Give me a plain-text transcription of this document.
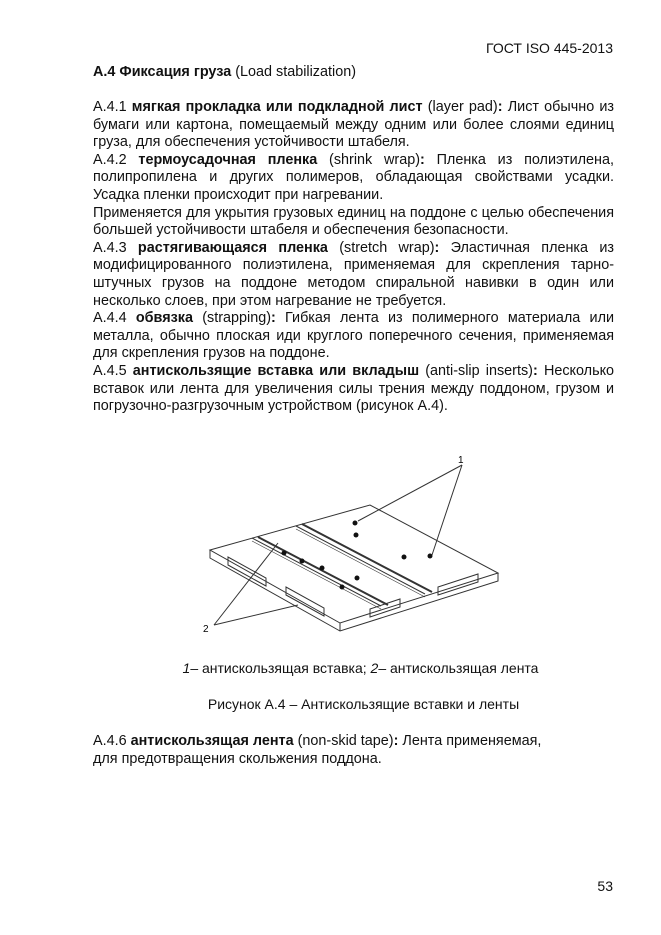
ГОСТ ISO 445-2013
А.4 Фиксация груза (Load stabilization)

А.4.1 мягкая прокладка или подкладной лист (layer pad): Лист обычно из бумаги или картона, помещаемый между одним или более слоями единиц груза, для обеспечения устойчивости штабеля.

А.4.2 термоусадочная пленка (shrink wrap): Пленка из полиэтилена, полипропилена и других полимеров, обладающая свойствами усадки. Усадка пленки происходит при нагревании.

Применяется для укрытия грузовых единиц на поддоне с целью обеспечения большей устойчивости штабеля и обеспечения безопасности.

А.4.3 растягивающаяся пленка (stretch wrap): Эластичная пленка из модифицированного полиэтилена, применяемая для скрепления тарно-штучных грузов на поддоне методом спиральной навивки в один или несколько слоев, при этом нагревание не требуется.

А.4.4 обвязка (strapping): Гибкая лента из полимерного материала или металла, обычно плоская иди круглого поперечного сечения, применяемая для скрепления грузов на поддоне.

А.4.5 антискользящие вставка или вкладыш (anti-slip inserts): Несколько вставок или лента для увеличения силы трения между поддоном, грузом и погрузочно-разгрузочным устройством (рисунок А.4).

1
2
1– антискользящая вставка; 2– антискользящая лента
Рисунок А.4 – Антискользящие вставки и ленты

А.4.6 антискользящая лента (non-skid tape): Лента применяемая,

для предотвращения скольжения поддона.

53
